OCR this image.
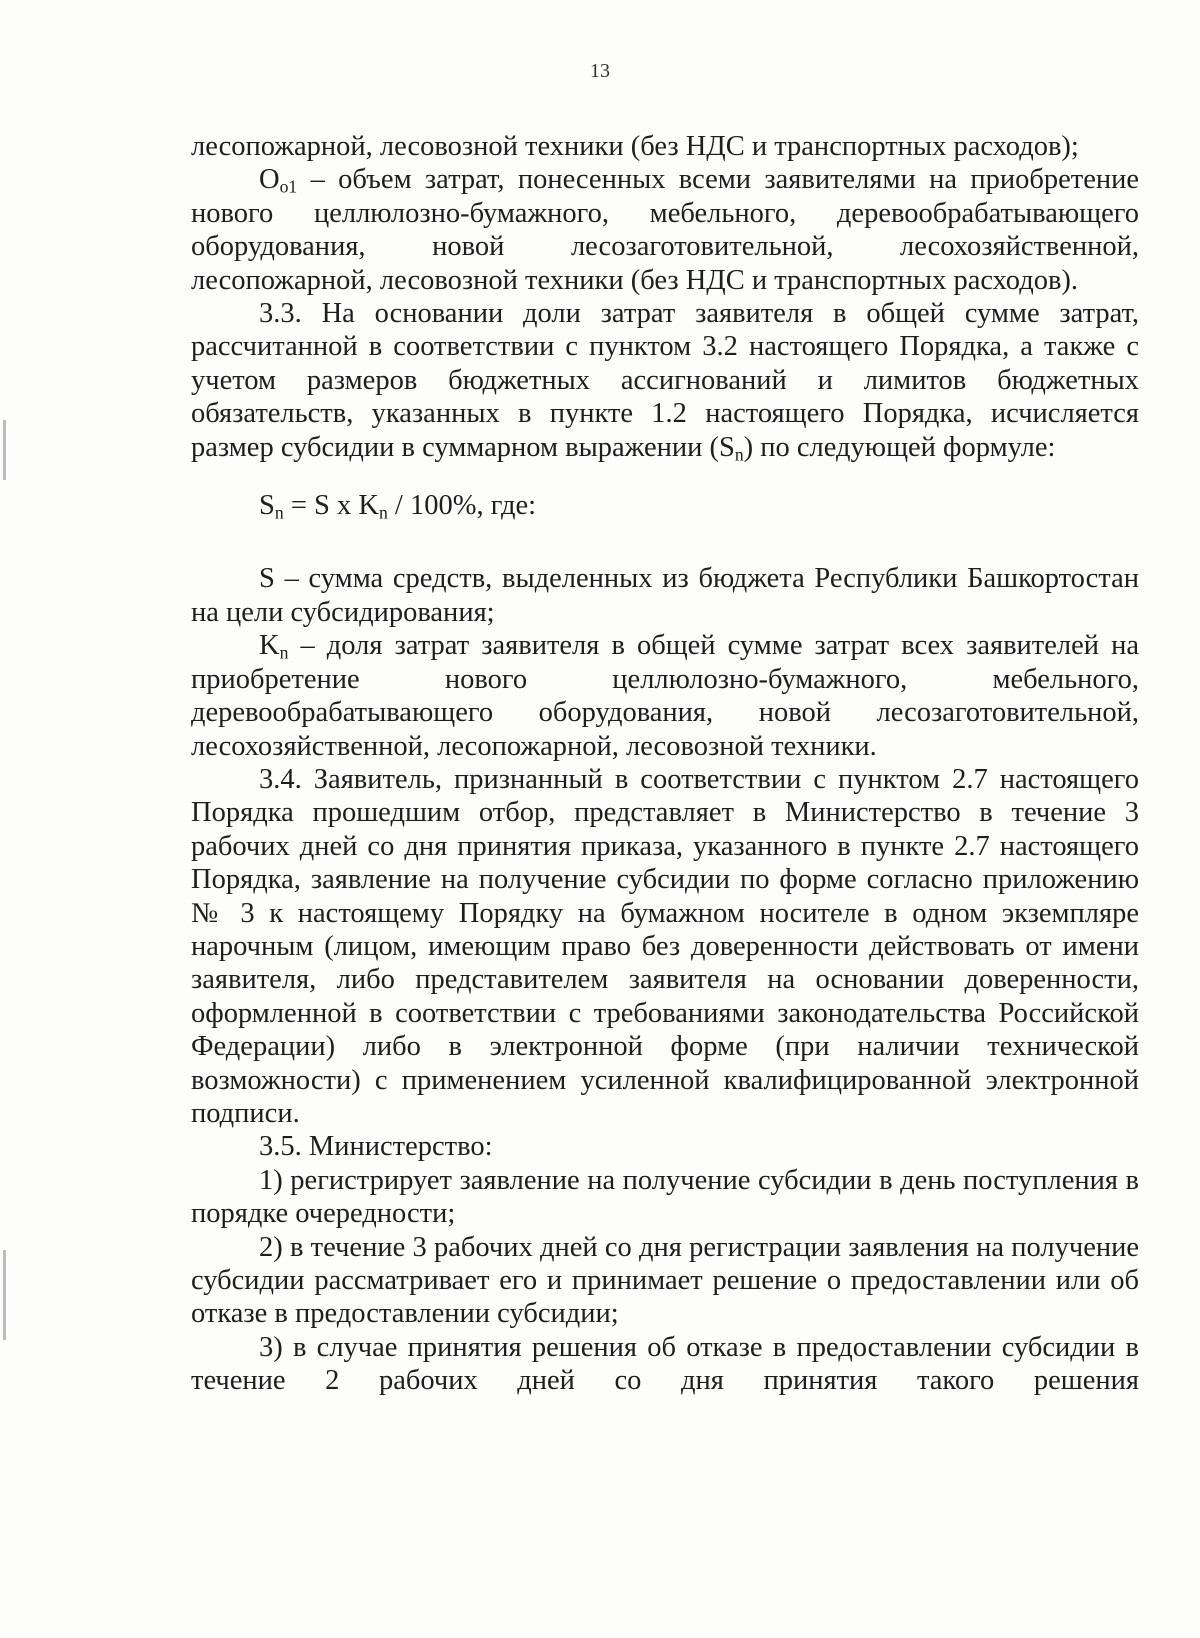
13

лесопожарной, лесовозной техники (без НДС и транспортных расходов);

$О_{о1}$ – объем затрат, понесенных всеми заявителями на приобретение нового целлюлозно-бумажного, мебельного, деревообрабатывающего оборудования, новой лесозаготовительной, лесохозяйственной, лесопожарной, лесовозной техники (без НДС и транспортных расходов).

3.3. На основании доли затрат заявителя в общей сумме затрат, рассчитанной в соответствии с пунктом 3.2 настоящего Порядка, а также с учетом размеров бюджетных ассигнований и лимитов бюджетных обязательств, указанных в пункте 1.2 настоящего Порядка, исчисляется размер субсидии в суммарном выражении $(S_n)$ по следующей формуле:

$S_n = S$ x $K_n / 100\%$, где:

S – сумма средств, выделенных из бюджета Республики Башкортостан на цели субсидирования;

$K_n$ – доля затрат заявителя в общей сумме затрат всех заявителей на приобретение нового целлюлозно-бумажного, мебельного, деревообрабатывающего оборудования, новой лесозаготовительной, лесохозяйственной, лесопожарной, лесовозной техники.

3.4. Заявитель, признанный в соответствии с пунктом 2.7 настоящего Порядка прошедшим отбор, представляет в Министерство в течение 3 рабочих дней со дня принятия приказа, указанного в пункте 2.7 настоящего Порядка, заявление на получение субсидии по форме согласно приложению № 3 к настоящему Порядку на бумажном носителе в одном экземпляре нарочным (лицом, имеющим право без доверенности действовать от имени заявителя, либо представителем заявителя на основании доверенности, оформленной в соответствии с требованиями законодательства Российской Федерации) либо в электронной форме (при наличии технической возможности) с применением усиленной квалифицированной электронной подписи.

3.5. Министерство:

1) регистрирует заявление на получение субсидии в день поступления в порядке очередности;

2) в течение 3 рабочих дней со дня регистрации заявления на получение субсидии рассматривает его и принимает решение о предоставлении или об отказе в предоставлении субсидии;

3) в случае принятия решения об отказе в предоставлении субсидии в течение 2 рабочих дней со дня принятия такого решения
